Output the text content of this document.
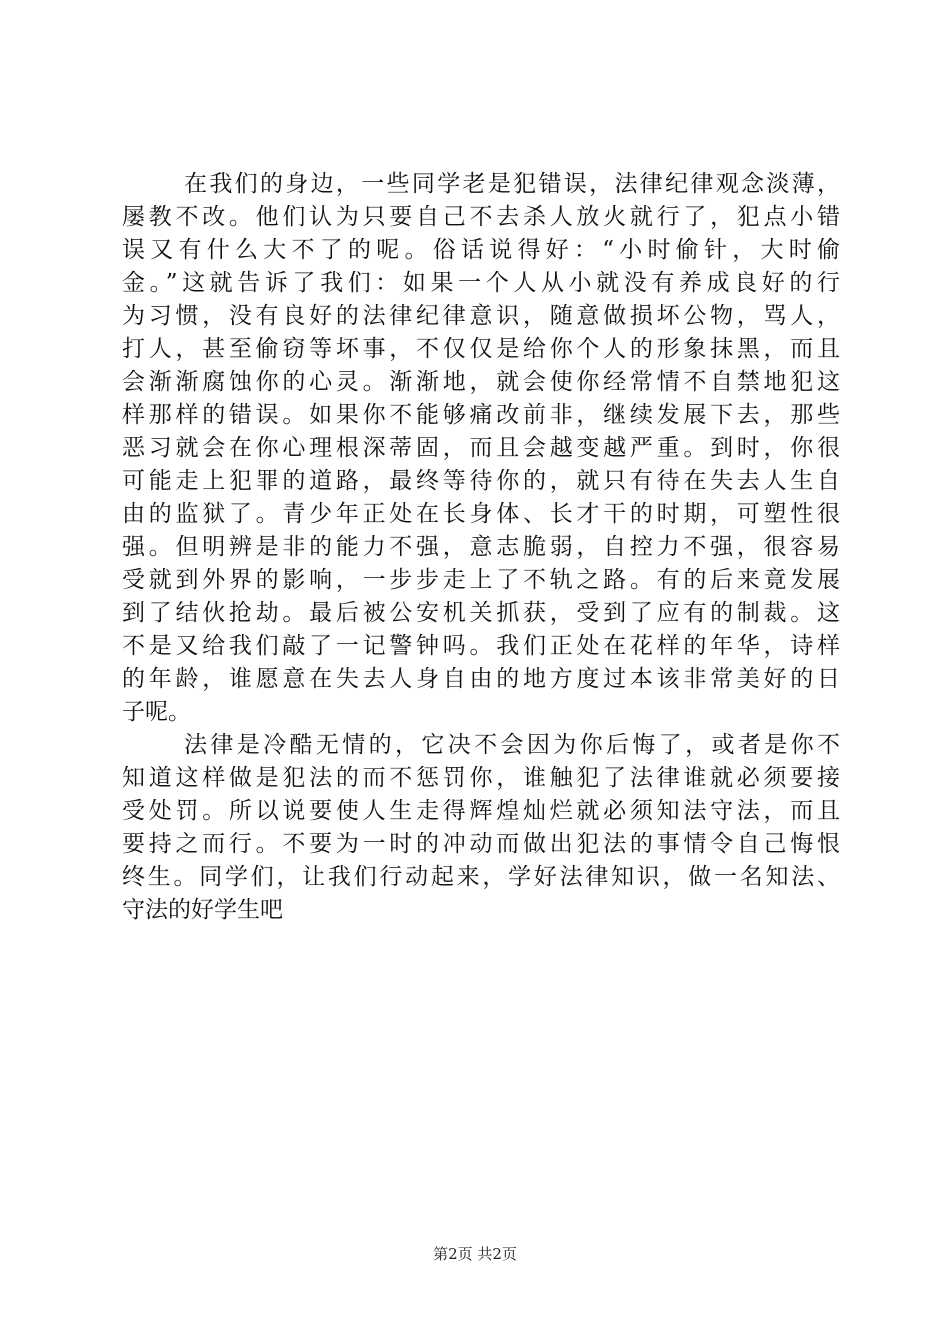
在我们的身边，一些同学老是犯错误，法律纪律观念淡薄，
屡教不改。他们认为只要自己不去杀人放火就行了，犯点小错
误又有什么大不了的呢。俗话说得好：“小时偷针，大时偷
金。”这就告诉了我们：如果一个人从小就没有养成良好的行
为习惯，没有良好的法律纪律意识，随意做损坏公物，骂人，
打人，甚至偷窃等坏事，不仅仅是给你个人的形象抹黑，而且
会渐渐腐蚀你的心灵。渐渐地，就会使你经常情不自禁地犯这
样那样的错误。如果你不能够痛改前非，继续发展下去，那些
恶习就会在你心理根深蒂固，而且会越变越严重。到时，你很
可能走上犯罪的道路，最终等待你的，就只有待在失去人生自
由的监狱了。青少年正处在长身体、长才干的时期，可塑性很
强。但明辨是非的能力不强，意志脆弱，自控力不强，很容易
受就到外界的影响，一步步走上了不轨之路。有的后来竟发展
到了结伙抢劫。最后被公安机关抓获，受到了应有的制裁。这
不是又给我们敲了一记警钟吗。我们正处在花样的年华，诗样
的年龄，谁愿意在失去人身自由的地方度过本该非常美好的日
子呢。
法律是冷酷无情的，它决不会因为你后悔了，或者是你不
知道这样做是犯法的而不惩罚你，谁触犯了法律谁就必须要接
受处罚。所以说要使人生走得辉煌灿烂就必须知法守法，而且
要持之而行。不要为一时的冲动而做出犯法的事情令自己悔恨
终生。同学们，让我们行动起来，学好法律知识，做一名知法、
守法的好学生吧
第2页 共2页
